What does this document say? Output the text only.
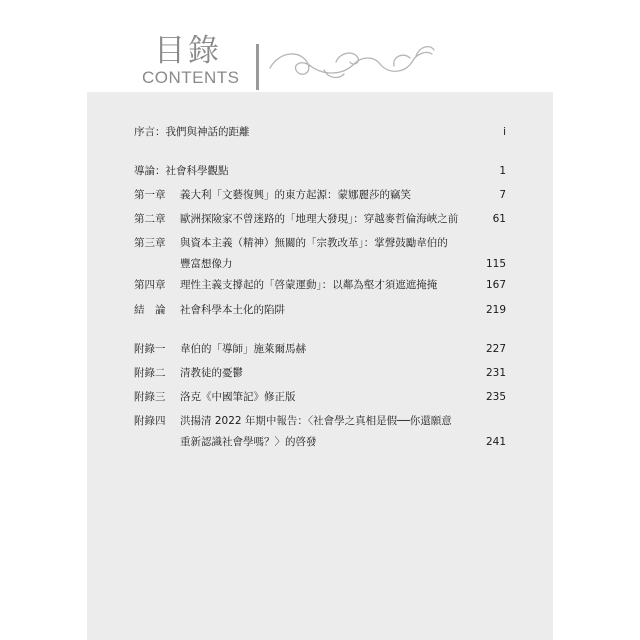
目錄
CONTENTS
序言：我們與神話的距離	i
導論：社會科學觀點	1
第一章 義大利「文藝復興」的東方起源：蒙娜麗莎的竊笑	7
第二章 歐洲探險家不曾迷路的「地理大發現」：穿越麥哲倫海峽之前	61
第三章 與資本主義（精神）無關的「宗教改革」：掌聲鼓勵韋伯的
豐富想像力	115
第四章 理性主義支撐起的「啓蒙運動」：以鄰為壑才須遮遮掩掩	167
結　論 社會科學本土化的陷阱	219
附錄一 韋伯的「導師」施萊爾馬赫	227
附錄二 清教徒的憂鬱	231
附錄三 洛克《中國筆記》修正版	235
附錄四 洪揚清 2022 年期中報告：〈社會學之真相是假──你還願意
重新認識社會學嗎？〉的啓發	241
